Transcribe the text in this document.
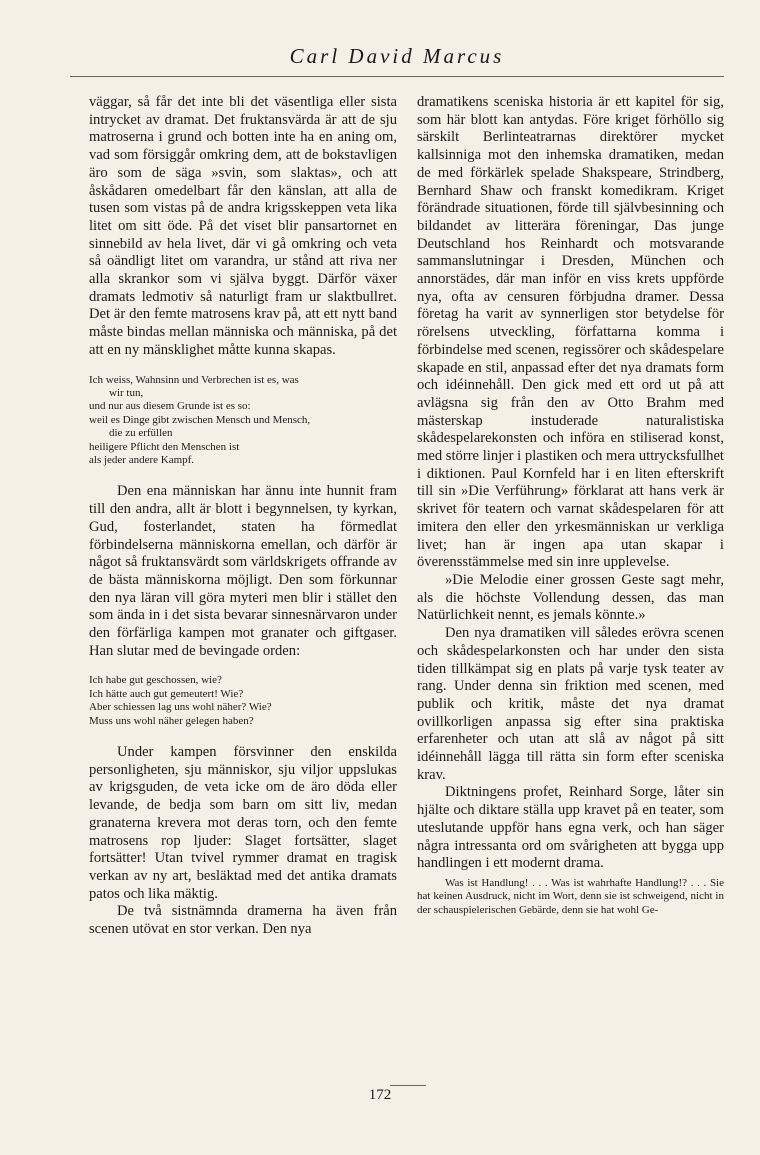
Carl David Marcus

väggar, så får det inte bli det väsentliga eller sista intrycket av dramat. Det fruktansvärda är att de sju matroserna i grund och botten inte ha en aning om, vad som försiggår omkring dem, att de bokstavligen äro som de säga »svin, som slaktas», och att åskådaren omedelbart får den känslan, att alla de tusen som vistas på de andra krigsskeppen veta lika litet om sitt öde. På det viset blir pansartornet en sinnebild av hela livet, där vi gå omkring och veta så oändligt litet om varandra, ur stånd att riva ner alla skrankor som vi själva byggt. Därför växer dramats ledmotiv så naturligt fram ur slaktbullret. Det är den femte matrosens krav på, att ett nytt band måste bindas mellan människa och människa, på det att en ny mänsklighet måtte kunna skapas.

Ich weiss, Wahnsinn und Verbrechen ist es, was
wir tun,
und nur aus diesem Grunde ist es so:
weil es Dinge gibt zwischen Mensch und Mensch,
die zu erfüllen
heiligere Pflicht den Menschen ist
als jeder andere Kampf.

Den ena människan har ännu inte hunnit fram till den andra, allt är blott i begynnelsen, ty kyrkan, Gud, fosterlandet, staten ha förmedlat förbindelserna människorna emellan, och därför är något så fruktansvärdt som världskrigets offrande av de bästa människorna möjligt. Den som förkunnar den nya läran vill göra myteri men blir i stället den som ända in i det sista bevarar sinnesnärvaron under den förfärliga kampen mot granater och giftgaser. Han slutar med de bevingade orden:

Ich habe gut geschossen, wie?
Ich hätte auch gut gemeutert! Wie?
Aber schiessen lag uns wohl näher? Wie?
Muss uns wohl näher gelegen haben?

Under kampen försvinner den enskilda personligheten, sju människor, sju viljor uppslukas av krigsguden, de veta icke om de äro döda eller levande, de bedja som barn om sitt liv, medan granaterna krevera mot deras torn, och den femte matrosens rop ljuder: Slaget fortsätter, slaget fortsätter! Utan tvivel rymmer dramat en tragisk verkan av ny art, besläktad med det antika dramats patos och lika mäktig.

De två sistnämnda dramerna ha även från scenen utövat en stor verkan. Den nya

dramatikens sceniska historia är ett kapitel för sig, som här blott kan antydas. Före kriget förhöllo sig särskilt Berlinteatrarnas direktörer mycket kallsinniga mot den inhemska dramatiken, medan de med förkärlek spelade Shakspeare, Strindberg, Bernhard Shaw och franskt komedikram. Kriget förändrade situationen, förde till självbesinning och bildandet av litterära föreningar, Das junge Deutschland hos Reinhardt och motsvarande sammanslutningar i Dresden, München och annorstädes, där man inför en viss krets uppförde nya, ofta av censuren förbjudna dramer. Dessa företag ha varit av synnerligen stor betydelse för rörelsens utveckling, författarna komma i förbindelse med scenen, regissörer och skådespelare skapade en stil, anpassad efter det nya dramats form och idéinnehåll. Den gick med ett ord ut på att avlägsna sig från den av Otto Brahm med mästerskap instuderade naturalistiska skådespelarekonsten och införa en stiliserad konst, med större linjer i plastiken och mera uttrycksfullhet i diktionen. Paul Kornfeld har i en liten efterskrift till sin »Die Verführung» förklarat att hans verk är skrivet för teatern och varnat skådespelaren för att imitera den eller den yrkesmänniskan ur verkliga livet; han är ingen apa utan skapar i överensstämmelse med sin inre upplevelse.

»Die Melodie einer grossen Geste sagt mehr, als die höchste Vollendung dessen, das man Natürlichkeit nennt, es jemals könnte.»

Den nya dramatiken vill således erövra scenen och skådespelarkonsten och har under den sista tiden tillkämpat sig en plats på varje tysk teater av rang. Under denna sin friktion med scenen, med publik och kritik, måste det nya dramat ovillkorligen anpassa sig efter sina praktiska erfarenheter och utan att slå av något på sitt idéinnehåll lägga till rätta sin form efter sceniska krav.

Diktningens profet, Reinhard Sorge, låter sin hjälte och diktare ställa upp kravet på en teater, som uteslutande uppför hans egna verk, och han säger några intressanta ord om svårigheten att bygga upp handlingen i ett modernt drama.

Was ist Handlung! . . . Was ist wahrhafte Handlung!? . . . Sie hat keinen Ausdruck, nicht im Wort, denn sie ist schweigend, nicht in der schauspielerischen Gebärde, denn sie hat wohl Ge-

172
